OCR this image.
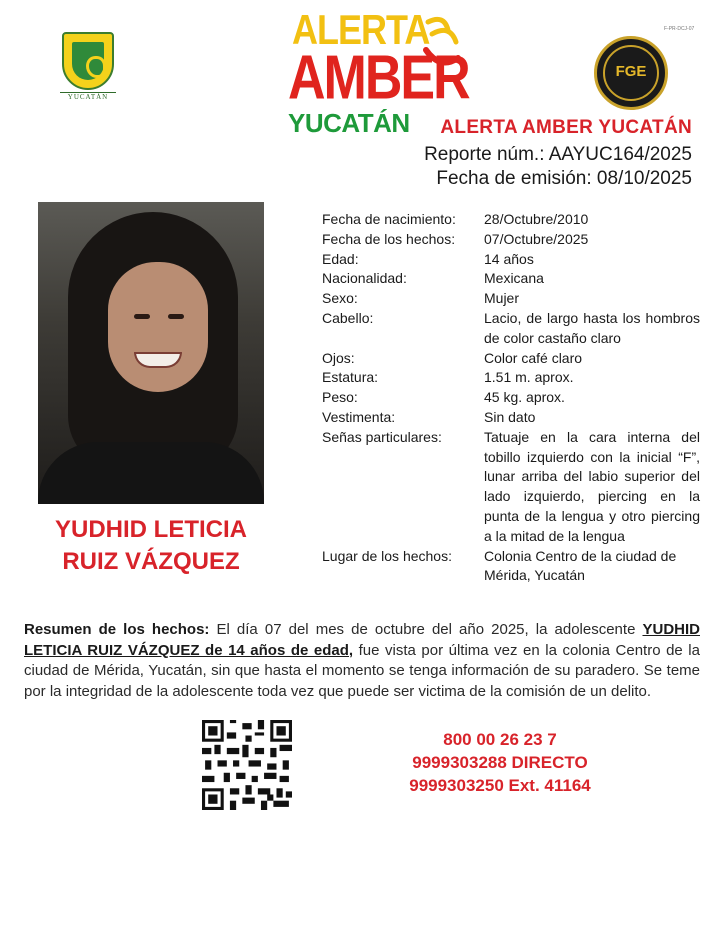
YUCATÁN
ALERTA
AMBER
YUCATÁN
FGE
F-PR-DCJ-07
ALERTA AMBER YUCATÁN
Reporte núm.: AAYUC164/2025
Fecha de emisión: 08/10/2025
YUDHID LETICIA
RUIZ VÁZQUEZ
Fecha de nacimiento:	28/Octubre/2010
Fecha de los hechos:	07/Octubre/2025
Edad:	14 años
Nacionalidad:	Mexicana
Sexo:	Mujer
Cabello:	Lacio, de largo hasta los hombros de color castaño claro
Ojos:	Color café claro
Estatura:	1.51 m. aprox.
Peso:	45 kg. aprox.
Vestimenta:	Sin dato
Señas particulares:	Tatuaje en la cara interna del tobillo izquierdo con la inicial “F”, lunar arriba del labio superior del lado izquierdo, piercing en la punta de la lengua y otro piercing a la mitad de la lengua
Lugar de los hechos:	Colonia Centro de la ciudad de Mérida, Yucatán
Resumen de los hechos: El día 07 del mes de octubre del año 2025, la adolescente YUDHID LETICIA RUIZ VÁZQUEZ de 14 años de edad, fue vista por última vez en la colonia Centro de la ciudad de Mérida, Yucatán, sin que hasta el momento se tenga información de su paradero. Se teme por la integridad de la adolescente toda vez que puede ser victima de la comisión de un delito.
800 00 26 23 7
9999303288 DIRECTO
9999303250 Ext. 41164
